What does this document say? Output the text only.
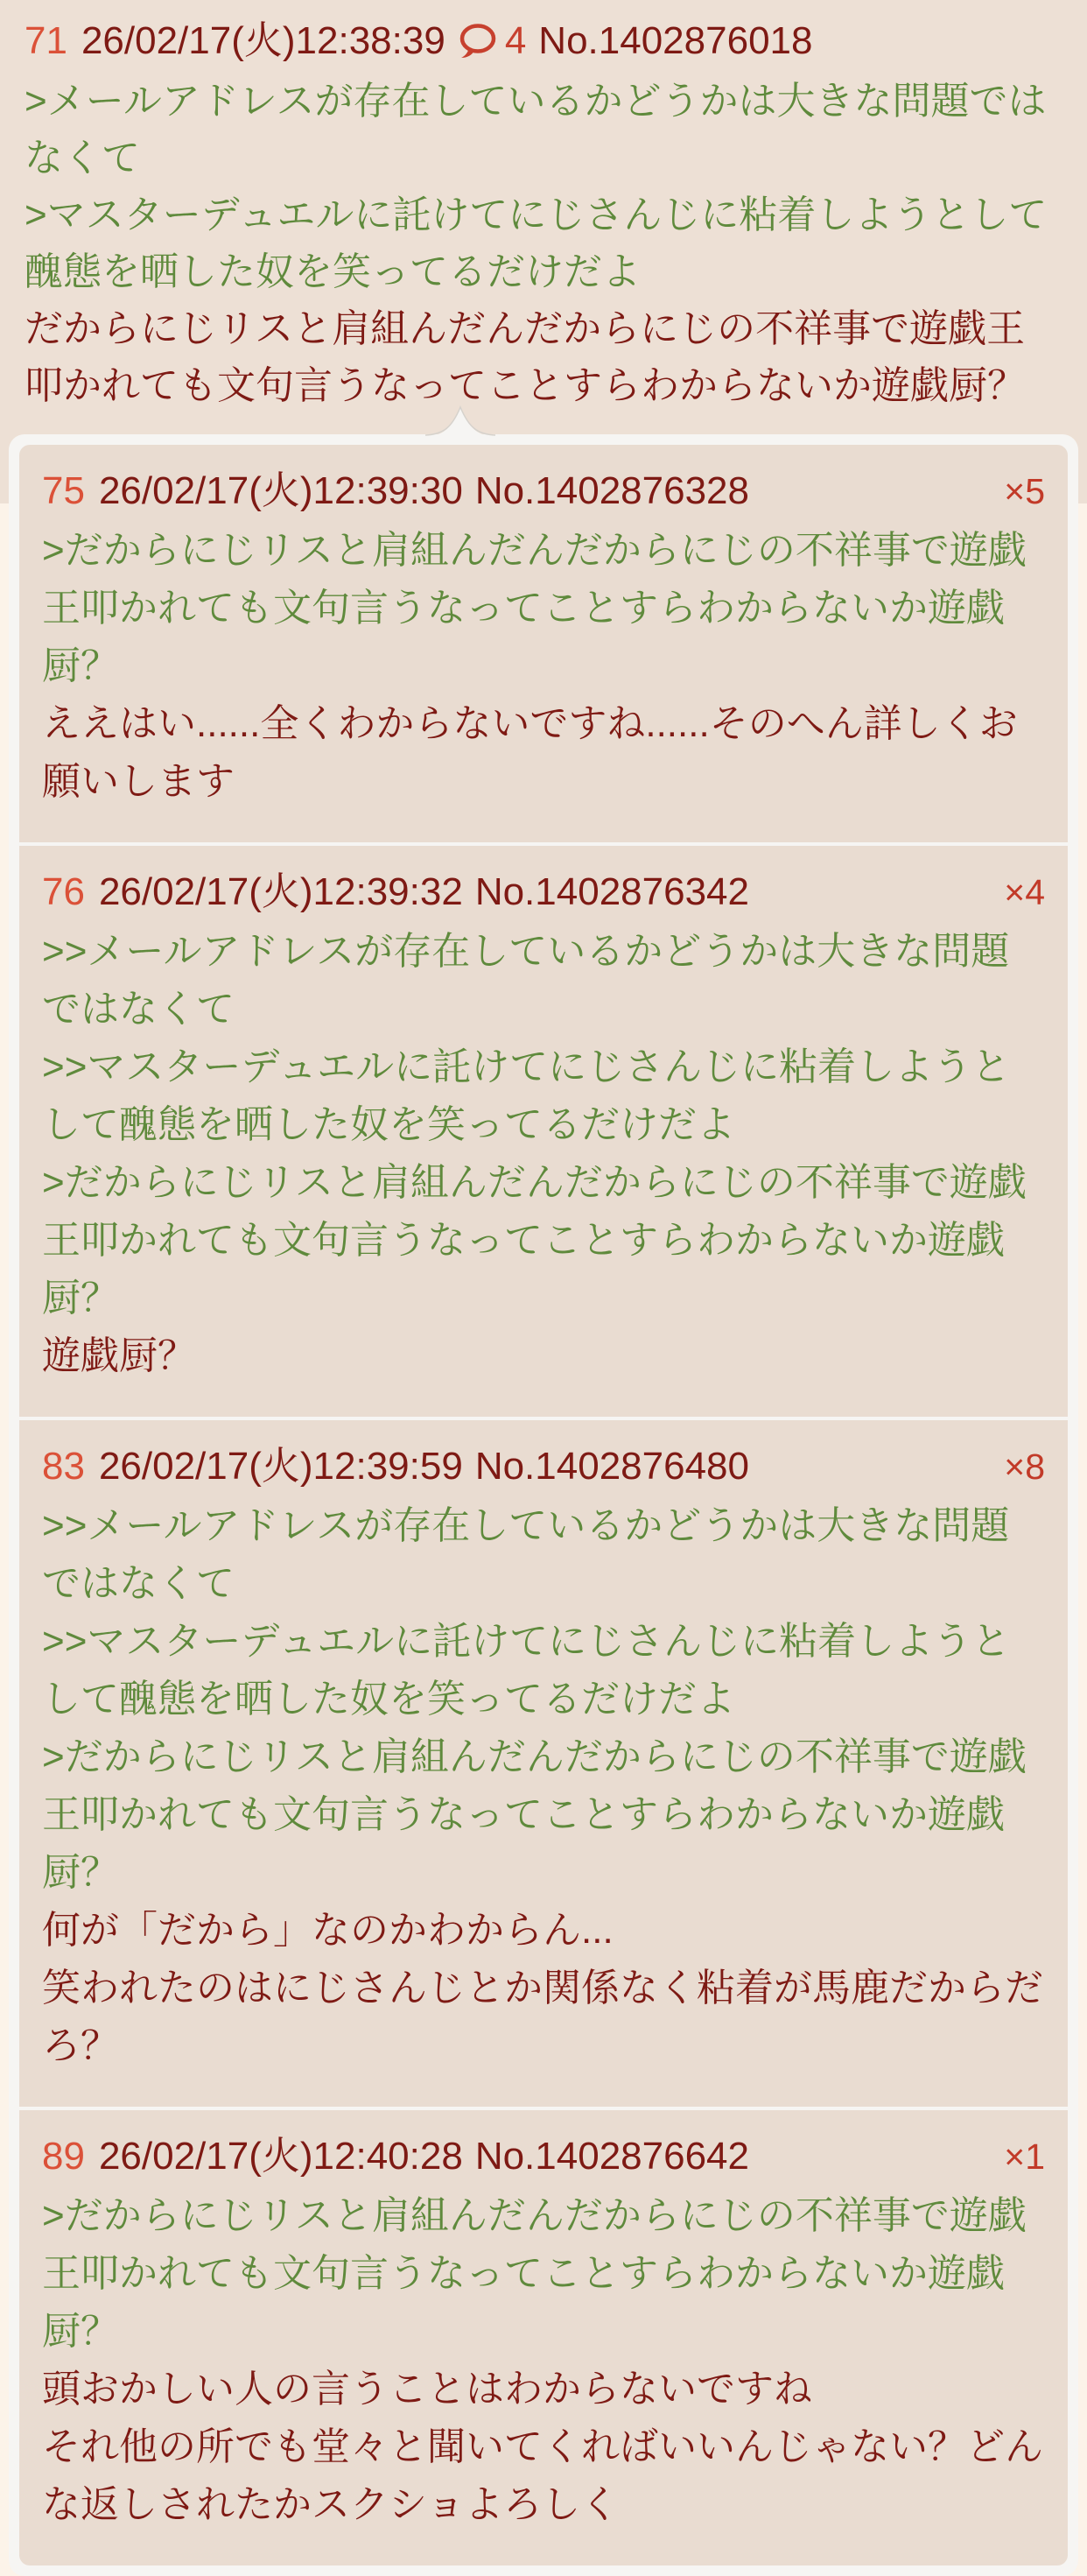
71 26/02/17(火)12:38:39 4 No.1402876018
>メールアドレスが存在しているかどうかは大きな問題ではなくて
>マスターデュエルに託けてにじさんじに粘着しようとして醜態を晒した奴を笑ってるだけだよ
だからにじリスと肩組んだんだからにじの不祥事で遊戯王叩かれても文句言うなってことすらわからないか遊戯厨？
75 26/02/17(火)12:39:30 No.1402876328	×5
>だからにじリスと肩組んだんだからにじの不祥事で遊戯王叩かれても文句言うなってことすらわからないか遊戯厨？
ええはい......全くわからないですね......そのへん詳しくお願いします
76 26/02/17(火)12:39:32 No.1402876342	×4
>>メールアドレスが存在しているかどうかは大きな問題ではなくて
>>マスターデュエルに託けてにじさんじに粘着しようとして醜態を晒した奴を笑ってるだけだよ
>だからにじリスと肩組んだんだからにじの不祥事で遊戯王叩かれても文句言うなってことすらわからないか遊戯厨？
遊戯厨？
83 26/02/17(火)12:39:59 No.1402876480	×8
>>メールアドレスが存在しているかどうかは大きな問題ではなくて
>>マスターデュエルに託けてにじさんじに粘着しようとして醜態を晒した奴を笑ってるだけだよ
>だからにじリスと肩組んだんだからにじの不祥事で遊戯王叩かれても文句言うなってことすらわからないか遊戯厨？
何が「だから」なのかわからん...
笑われたのはにじさんじとか関係なく粘着が馬鹿だからだろ？
89 26/02/17(火)12:40:28 No.1402876642	×1
>だからにじリスと肩組んだんだからにじの不祥事で遊戯王叩かれても文句言うなってことすらわからないか遊戯厨？
頭おかしい人の言うことはわからないですね
それ他の所でも堂々と聞いてくればいいんじゃない？どんな返しされたかスクショよろしく
